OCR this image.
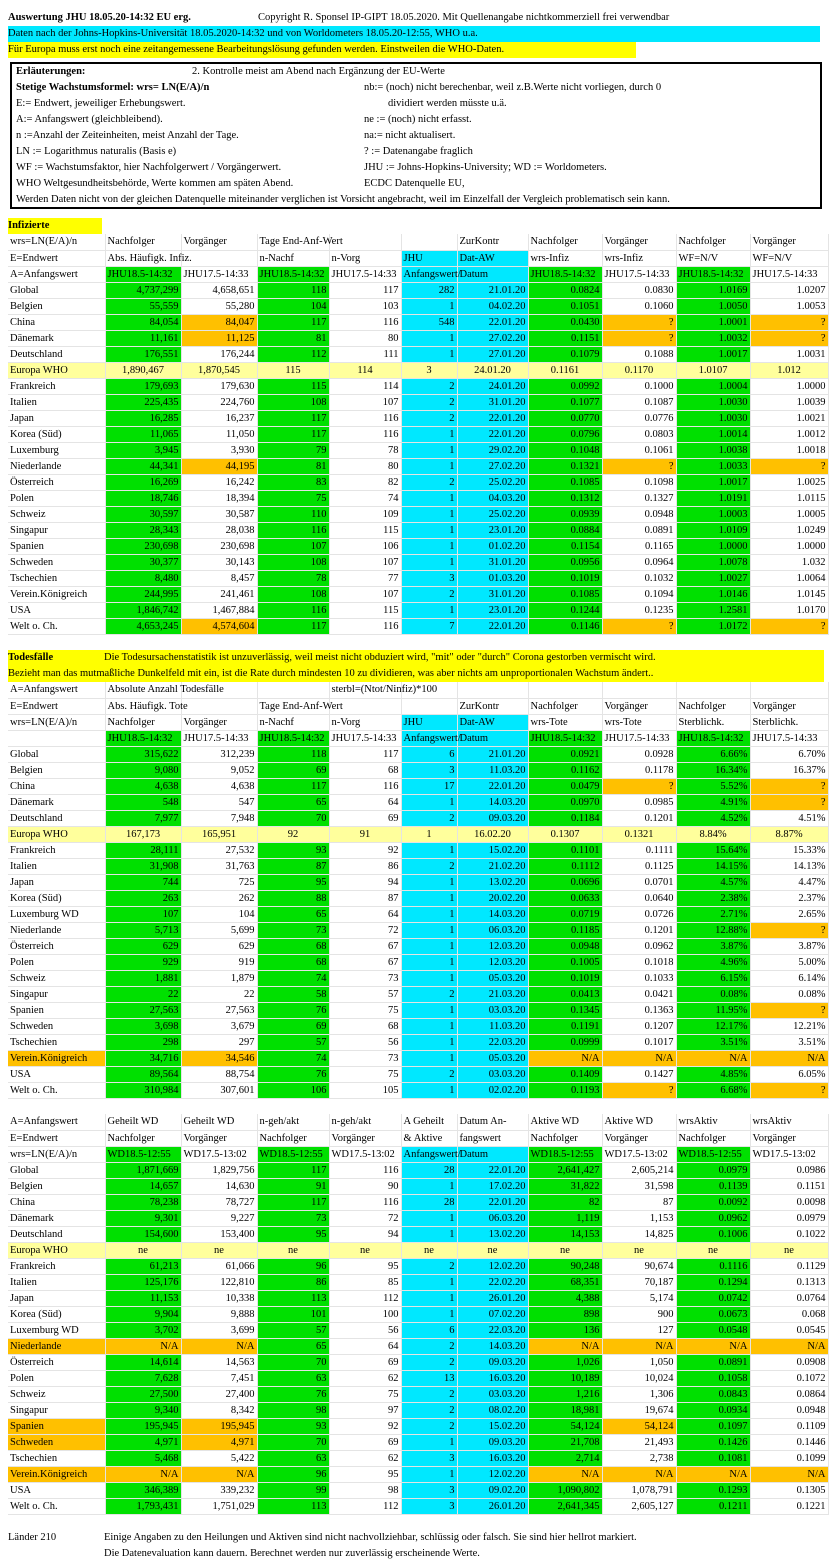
Auswertung JHU 18.05.20-14:32 EU erg.	Copyright R. Sponsel IP-GIPT 18.05.2020. Mit Quellenangabe nichtkommerziell frei verwendbar
Daten nach der Johns-Hopkins-Universität 18.05.2020-14:32 und von Worldometers 18.05.20-12:55, WHO u.a.
Für Europa muss erst noch eine zeitangemessene Bearbeitungslösung gefunden werden. Einstweilen die WHO-Daten.
Erläuterungen:	2. Kontrolle meist am Abend nach Ergänzung der EU-Werte
Stetige Wachstumsformel: wrs= LN(E/A)/n	nb:= (noch) nicht berechenbar, weil z.B.Werte nicht vorliegen, durch 0
E:= Endwert, jeweiliger Erhebungswert.	dividiert werden müsste u.ä.
A:= Anfangswert (gleichbleibend).	ne := (noch) nicht erfasst.
n :=Anzahl der Zeiteinheiten, meist Anzahl der Tage.	na:= nicht aktualisert.
LN := Logarithmus naturalis (Basis e)	? := Datenangabe fraglich
WF := Wachstumsfaktor, hier Nachfolgerwert / Vorgängerwert.	JHU := Johns-Hopkins-University; WD := Worldometers.
WHO Weltgesundheitsbehörde, Werte kommen am späten Abend.	ECDC Datenquelle EU,
Werden Daten nicht von der gleichen Datenquelle miteinander verglichen ist Vorsicht angebracht, weil im Einzelfall der Vergleich problematisch sein kann.
Infizierte
wrs=LN(E/A)/n	Nachfolger	Vorgänger	Tage End-Anf-Wert			ZurKontr	Nachfolger	Vorgänger	Nachfolger	Vorgänger
E=Endwert	Abs. Häufigk. Infiz.		n-Nachf	n-Vorg	JHU	Dat-AW	wrs-Infiz	wrs-Infiz	WF=N/V	WF=N/V
A=Anfangswert	JHU18.5-14:32	JHU17.5-14:33	JHU18.5-14:32	JHU17.5-14:33	Anfangswert/	Datum	JHU18.5-14:32	JHU17.5-14:33	JHU18.5-14:32	JHU17.5-14:33
Global	4,737,299	4,658,651	118	117	282	21.01.20	0.0824	0.0830	1.0169	1.0207
Belgien	55,559	55,280	104	103	1	04.02.20	0.1051	0.1060	1.0050	1.0053
China	84,054	84,047	117	116	548	22.01.20	0.0430	?	1.0001	?
Dänemark	11,161	11,125	81	80	1	27.02.20	0.1151	?	1.0032	?
Deutschland	176,551	176,244	112	111	1	27.01.20	0.1079	0.1088	1.0017	1.0031
Europa WHO	1,890,467	1,870,545	115	114	3	24.01.20	0.1161	0.1170	1.0107	1.012
Frankreich	179,693	179,630	115	114	2	24.01.20	0.0992	0.1000	1.0004	1.0000
Italien	225,435	224,760	108	107	2	31.01.20	0.1077	0.1087	1.0030	1.0039
Japan	16,285	16,237	117	116	2	22.01.20	0.0770	0.0776	1.0030	1.0021
Korea (Süd)	11,065	11,050	117	116	1	22.01.20	0.0796	0.0803	1.0014	1.0012
Luxemburg	3,945	3,930	79	78	1	29.02.20	0.1048	0.1061	1.0038	1.0018
Niederlande	44,341	44,195	81	80	1	27.02.20	0.1321	?	1.0033	?
Österreich	16,269	16,242	83	82	2	25.02.20	0.1085	0.1098	1.0017	1.0025
Polen	18,746	18,394	75	74	1	04.03.20	0.1312	0.1327	1.0191	1.0115
Schweiz	30,597	30,587	110	109	1	25.02.20	0.0939	0.0948	1.0003	1.0005
Singapur	28,343	28,038	116	115	1	23.01.20	0.0884	0.0891	1.0109	1.0249
Spanien	230,698	230,698	107	106	1	01.02.20	0.1154	0.1165	1.0000	1.0000
Schweden	30,377	30,143	108	107	1	31.01.20	0.0956	0.0964	1.0078	1.032
Tschechien	8,480	8,457	78	77	3	01.03.20	0.1019	0.1032	1.0027	1.0064
Verein.Königreich	244,995	241,461	108	107	2	31.01.20	0.1085	0.1094	1.0146	1.0145
USA	1,846,742	1,467,884	116	115	1	23.01.20	0.1244	0.1235	1.2581	1.0170
Welt o. Ch.	4,653,245	4,574,604	117	116	7	22.01.20	0.1146	?	1.0172	?
Todesfälle	Die Todesursachenstatistik ist unzuverlässig, weil meist nicht obduziert wird, "mit" oder "durch" Corona gestorben vermischt wird.
Bezieht man das mutmaßliche Dunkelfeld mit ein, ist die Rate durch mindesten 10 zu dividieren, was aber nichts am unproportionalen Wachstum ändert..
A=Anfangswert	Absolute Anzahl Todesfälle			sterbl=(Ntot/Ninfiz)*100						
E=Endwert	Abs. Häufigk. Tote		Tage End-Anf-Wert			ZurKontr	Nachfolger	Vorgänger	Nachfolger	Vorgänger
wrs=LN(E/A)/n	Nachfolger	Vorgänger	n-Nachf	n-Vorg	JHU	Dat-AW	wrs-Tote	wrs-Tote	Sterblichk.	Sterblichk.
	JHU18.5-14:32	JHU17.5-14:33	JHU18.5-14:32	JHU17.5-14:33	Anfangswert/	Datum	JHU18.5-14:32	JHU17.5-14:33	JHU18.5-14:32	JHU17.5-14:33
Global	315,622	312,239	118	117	6	21.01.20	0.0921	0.0928	6.66%	6.70%
Belgien	9,080	9,052	69	68	3	11.03.20	0.1162	0.1178	16.34%	16.37%
China	4,638	4,638	117	116	17	22.01.20	0.0479	?	5.52%	?
Dänemark	548	547	65	64	1	14.03.20	0.0970	0.0985	4.91%	?
Deutschland	7,977	7,948	70	69	2	09.03.20	0.1184	0.1201	4.52%	4.51%
Europa WHO	167,173	165,951	92	91	1	16.02.20	0.1307	0.1321	8.84%	8.87%
Frankreich	28,111	27,532	93	92	1	15.02.20	0.1101	0.1111	15.64%	15.33%
Italien	31,908	31,763	87	86	2	21.02.20	0.1112	0.1125	14.15%	14.13%
Japan	744	725	95	94	1	13.02.20	0.0696	0.0701	4.57%	4.47%
Korea (Süd)	263	262	88	87	1	20.02.20	0.0633	0.0640	2.38%	2.37%
Luxemburg WD	107	104	65	64	1	14.03.20	0.0719	0.0726	2.71%	2.65%
Niederlande	5,713	5,699	73	72	1	06.03.20	0.1185	0.1201	12.88%	?
Österreich	629	629	68	67	1	12.03.20	0.0948	0.0962	3.87%	3.87%
Polen	929	919	68	67	1	12.03.20	0.1005	0.1018	4.96%	5.00%
Schweiz	1,881	1,879	74	73	1	05.03.20	0.1019	0.1033	6.15%	6.14%
Singapur	22	22	58	57	2	21.03.20	0.0413	0.0421	0.08%	0.08%
Spanien	27,563	27,563	76	75	1	03.03.20	0.1345	0.1363	11.95%	?
Schweden	3,698	3,679	69	68	1	11.03.20	0.1191	0.1207	12.17%	12.21%
Tschechien	298	297	57	56	1	22.03.20	0.0999	0.1017	3.51%	3.51%
Verein.Königreich	34,716	34,546	74	73	1	05.03.20	N/A	N/A	N/A	N/A
USA	89,564	88,754	76	75	2	03.03.20	0.1409	0.1427	4.85%	6.05%
Welt o. Ch.	310,984	307,601	106	105	1	02.02.20	0.1193	?	6.68%	?
A=Anfangswert	Geheilt WD	Geheilt WD	n-geh/akt	n-geh/akt	A Geheilt	Datum An-	Aktive WD	Aktive WD	wrsAktiv	wrsAktiv
E=Endwert	Nachfolger	Vorgänger	Nachfolger	Vorgänger	& Aktive	fangswert	Nachfolger	Vorgänger	Nachfolger	Vorgänger
wrs=LN(E/A)/n	WD18.5-12:55	WD17.5-13:02	WD18.5-12:55	WD17.5-13:02	Anfangswert/	Datum	WD18.5-12:55	WD17.5-13:02	WD18.5-12:55	WD17.5-13:02
Global	1,871,669	1,829,756	117	116	28	22.01.20	2,641,427	2,605,214	0.0979	0.0986
Belgien	14,657	14,630	91	90	1	17.02.20	31,822	31,598	0.1139	0.1151
China	78,238	78,727	117	116	28	22.01.20	82	87	0.0092	0.0098
Dänemark	9,301	9,227	73	72	1	06.03.20	1,119	1,153	0.0962	0.0979
Deutschland	154,600	153,400	95	94	1	13.02.20	14,153	14,825	0.1006	0.1022
Europa WHO	ne	ne	ne	ne	ne	ne	ne	ne	ne	ne
Frankreich	61,213	61,066	96	95	2	12.02.20	90,248	90,674	0.1116	0.1129
Italien	125,176	122,810	86	85	1	22.02.20	68,351	70,187	0.1294	0.1313
Japan	11,153	10,338	113	112	1	26.01.20	4,388	5,174	0.0742	0.0764
Korea (Süd)	9,904	9,888	101	100	1	07.02.20	898	900	0.0673	0.068
Luxemburg WD	3,702	3,699	57	56	6	22.03.20	136	127	0.0548	0.0545
Niederlande	N/A	N/A	65	64	2	14.03.20	N/A	N/A	N/A	N/A
Österreich	14,614	14,563	70	69	2	09.03.20	1,026	1,050	0.0891	0.0908
Polen	7,628	7,451	63	62	13	16.03.20	10,189	10,024	0.1058	0.1072
Schweiz	27,500	27,400	76	75	2	03.03.20	1,216	1,306	0.0843	0.0864
Singapur	9,340	8,342	98	97	2	08.02.20	18,981	19,674	0.0934	0.0948
Spanien	195,945	195,945	93	92	2	15.02.20	54,124	54,124	0.1097	0.1109
Schweden	4,971	4,971	70	69	1	09.03.20	21,708	21,493	0.1426	0.1446
Tschechien	5,468	5,422	63	62	3	16.03.20	2,714	2,738	0.1081	0.1099
Verein.Königreich	N/A	N/A	96	95	1	12.02.20	N/A	N/A	N/A	N/A
USA	346,389	339,232	99	98	3	09.02.20	1,090,802	1,078,791	0.1293	0.1305
Welt o. Ch.	1,793,431	1,751,029	113	112	3	26.01.20	2,641,345	2,605,127	0.1211	0.1221
Länder 210	Einige Angaben zu den Heilungen und Aktiven sind nicht nachvollziehbar, schlüssig oder falsch. Sie sind hier hellrot markiert.
Die Datenevaluation kann dauern. Berechnet werden nur zuverlässig erscheinende Werte.
